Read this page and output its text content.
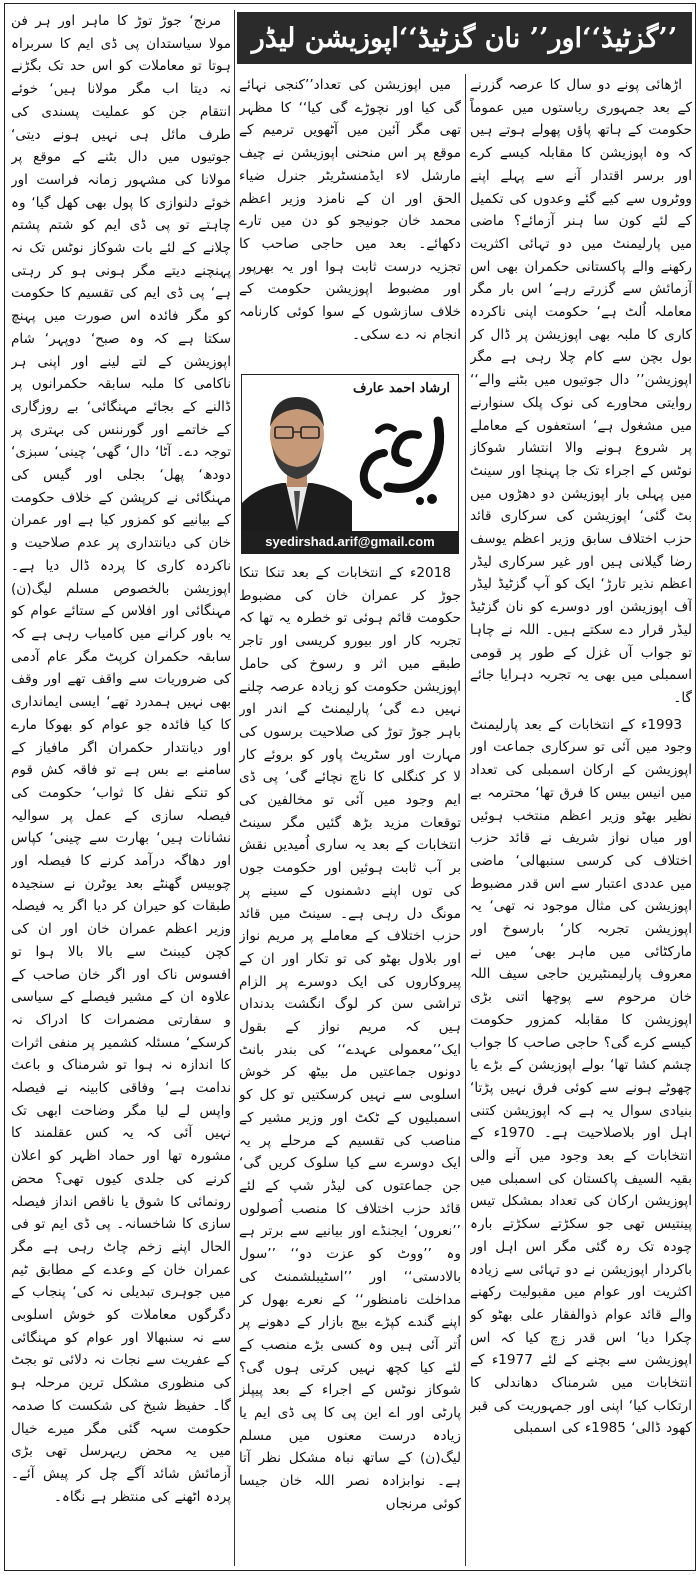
’’گزٹیڈ‘‘اور’’ نان گزٹیڈ‘‘اپوزیشن لیڈر

اڑھائی پونے دو سال کا عرصہ گزرنے کے بعد جمہوری ریاستوں میں عموماً حکومت کے ہاتھ پاؤں پھولے ہوتے ہیں کہ وہ اپوزیشن کا مقابلہ کیسے کرے اور برسر اقتدار آنے سے پہلے اپنے ووٹروں سے کیے گئے وعدوں کی تکمیل کے لئے کون سا ہنر آزمائے؟ ماضی میں پارلیمنٹ میں دو تہائی اکثریت رکھنے والے پاکستانی حکمران بھی اس آزمائش سے گزرتے رہے‘ اس بار مگر معاملہ اُلٹ ہے‘ حکومت اپنی ناکردہ کاری کا ملبہ بھی اپوزیشن پر ڈال کر بول بچن سے کام چلا رہی ہے مگر اپوزیشن’’ دال جوتیوں میں بٹنے والے‘‘ روایتی محاورے کی نوک پلک سنوارنے میں مشغول ہے‘ استعفوں کے معاملے پر شروع ہونے والا انتشار شوکاز نوٹس کے اجراء تک جا پہنچا اور سینٹ میں پہلی بار اپوزیشن دو دھڑوں میں بٹ گئی‘ اپوزیشن کی سرکاری قائد حزب اختلاف سابق وزیر اعظم یوسف رضا گیلانی ہیں اور غیر سرکاری لیڈر اعظم نذیر تارڑ‘ ایک کو آپ گزٹیڈ لیڈر آف اپوزیشن اور دوسرے کو نان گزٹیڈ لیڈر قرار دے سکتے ہیں۔ اللہ نے چاہا تو جواب آں غزل کے طور پر قومی اسمبلی میں بھی یہ تجربہ دہرایا جائے گا۔

1993ء کے انتخابات کے بعد پارلیمنٹ وجود میں آئی تو سرکاری جماعت اور اپوزیشن کے ارکان اسمبلی کی تعداد میں انیس بیس کا فرق تھا‘ محترمہ بے نظیر بھٹو وزیر اعظم منتخب ہوئیں اور میاں نواز شریف نے قائد حزب اختلاف کی کرسی سنبھالی‘ ماضی میں عددی اعتبار سے اس قدر مضبوط اپوزیشن کی مثال موجود نہ تھی‘ یہ اپوزیشن تجربہ کار‘ بارسوخ اور مارکٹائی میں ماہر بھی‘ میں نے معروف پارلیمنٹیرین حاجی سیف اللہ خان مرحوم سے پوچھا اتنی بڑی اپوزیشن کا مقابلہ کمزور حکومت کیسے کرے گی؟ حاجی صاحب کا جواب چشم کشا تھا‘ بولے اپوزیشن کے بڑے یا چھوٹے ہونے سے کوئی فرق نہیں پڑتا‘ بنیادی سوال یہ ہے کہ اپوزیشن کتنی اہل اور بلاصلاحیت ہے۔ 1970ء کے انتخابات کے بعد وجود میں آنے والی بقیہ السیف پاکستان کی اسمبلی میں اپوزیشن ارکان کی تعداد بمشکل تیس پینتیس تھی جو سکڑتے سکڑتے بارہ چودہ تک رہ گئی مگر اس اہل اور باکردار اپوزیشن نے دو تہائی سے زیادہ اکثریت اور عوام میں مقبولیت رکھنے والے قائد عوام ذوالفقار علی بھٹو کو چکرا دیا‘ اس قدر زچ کیا کہ اس اپوزیشن سے بچنے کے لئے 1977ء کے انتخابات میں شرمناک دھاندلی کا ارتکاب کیا‘ اپنی اور جمہوریت کی قبر کھود ڈالی‘ 1985ء کی اسمبلی

میں اپوزیشن کی تعداد’’کنجی نہائے گی کیا اور نچوڑے گی کیا‘‘ کا مظہر تھی مگر آئین میں آٹھویں ترمیم کے موقع پر اس منحنی اپوزیشن نے چیف مارشل لاء ایڈمنسٹریٹر جنرل ضیاء الحق اور ان کے نامزد وزیر اعظم محمد خان جونیجو کو دن میں تارے دکھائے۔ بعد میں حاجی صاحب کا تجزیہ درست ثابت ہوا اور یہ بھرپور اور مضبوط اپوزیشن حکومت کے خلاف سازشوں کے سوا کوئی کارنامہ انجام نہ دے سکی۔

ارشاد احمد عارف
syedirshad.arif@gmail.com

2018ء کے انتخابات کے بعد تنکا تنکا جوڑ کر عمران خان کی مضبوط حکومت قائم ہوئی تو خطرہ یہ تھا کہ تجربہ کار اور بیورو کریسی اور تاجر طبقے میں اثر و رسوخ کی حامل اپوزیشن حکومت کو زیادہ عرصہ چلنے نہیں دے گی‘ پارلیمنٹ کے اندر اور باہر جوڑ توڑ کی صلاحیت برسوں کی مہارت اور سٹریٹ پاور کو بروئے کار لا کر کنگلی کا ناچ نچائے گی‘ پی ڈی ایم وجود میں آئی تو مخالفین کی توقعات مزید بڑھ گئیں مگر سینٹ انتخابات کے بعد یہ ساری اُمیدیں نقش بر آب ثابت ہوئیں اور حکومت جوں کی توں اپنے دشمنوں کے سینے پر مونگ دل رہی ہے۔ سینٹ میں قائد حزب اختلاف کے معاملے پر مریم نواز اور بلاول بھٹو کی تو تکار اور ان کے پیروکاروں کی ایک دوسرے پر الزام تراشی سن کر لوگ انگشت بدنداں ہیں کہ مریم نواز کے بقول ایک’’معمولی عہدے‘‘ کی بندر بانٹ دونوں جماعتیں مل بیٹھ کر خوش اسلوبی سے نہیں کرسکتیں تو کل کو اسمبلیوں کے ٹکٹ اور وزیر مشیر کے مناصب کی تقسیم کے مرحلے پر یہ ایک دوسرے سے کیا سلوک کریں گی‘ جن جماعتوں کی لیڈر شپ کے لئے قائد حزب اختلاف کا منصب اُصولوں ’’نعروں‘ ایجنڈے اور بیانیے سے برتر ہے وہ ’’ووٹ کو عزت دو‘‘ ’’سول بالادستی‘‘ اور ’’اسٹیبلشمنٹ کی مداخلت نامنظور‘‘ کے نعرے بھول کر اپنے گندے کپڑے بیچ بازار کے دھونے پر اُتر آئی ہیں وہ کسی بڑے منصب کے لئے کیا کچھ نہیں کرتی ہوں گی؟ شوکاز نوٹس کے اجراء کے بعد پیپلز پارٹی اور اے این پی کا پی ڈی ایم یا زیادہ درست معنوں میں مسلم لیگ(ن) کے ساتھ نباہ مشکل نظر آتا ہے۔ نوابزادہ نصر اللہ خان جیسا کوئی مرنجاں

مرنج‘ جوڑ توڑ کا ماہر اور ہر فن مولا سیاستدان پی ڈی ایم کا سربراہ ہوتا تو معاملات کو اس حد تک بگڑنے نہ دیتا اب مگر مولانا ہیں‘ خوئے انتقام جن کو عملیت پسندی کی طرف مائل ہی نہیں ہونے دیتی‘ جوتیوں میں دال بٹنے کے موقع پر مولانا کی مشہور زمانہ فراست اور خوئے دلنوازی کا پول بھی کھل گیا‘ وہ چاہتے تو پی ڈی ایم کو شتم پشتم چلانے کے لئے بات شوکاز نوٹس تک نہ پہنچنے دیتے مگر ہونی ہو کر رہتی ہے‘ پی ڈی ایم کی تقسیم کا حکومت کو مگر فائدہ اس صورت میں پہنچ سکتا ہے کہ وہ صبح‘ دوپہر‘ شام اپوزیشن کے لتے لینے اور اپنی ہر ناکامی کا ملبہ سابقہ حکمرانوں پر ڈالنے کے بجائے مہنگائی‘ بے روزگاری کے خاتمے اور گورننس کی بہتری پر توجہ دے۔ آٹا‘ دال‘ گھی‘ چینی‘ سبزی‘ دودھ‘ پھل‘ بجلی اور گیس کی مہنگائی نے کرپشن کے خلاف حکومت کے بیانیے کو کمزور کیا ہے اور عمران خان کی دیانتداری پر عدم صلاحیت و ناکردہ کاری کا پردہ ڈال دیا ہے۔ اپوزیشن بالخصوص مسلم لیگ(ن) مہنگائی اور افلاس کے ستائے عوام کو یہ باور کرانے میں کامیاب رہی ہے کہ سابقہ حکمران کرپٹ مگر عام آدمی کی ضروریات سے واقف تھے اور وقف بھی نہیں ہمدرد تھے‘ ایسی ایمانداری کا کیا فائدہ جو عوام کو بھوکا مارے اور دیانتدار حکمران اگر مافیاز کے سامنے بے بس ہے تو فاقہ کش قوم کو تنکے نفل کا ثواب‘ حکومت کی فیصلہ سازی کے عمل پر سوالیہ نشانات ہیں‘ بھارت سے چینی‘ کپاس اور دھاگہ درآمد کرنے کا فیصلہ اور چوبیس گھنٹے بعد یوٹرن نے سنجیدہ طبقات کو حیران کر دیا اگر یہ فیصلہ وزیر اعظم عمران خان اور ان کی کچن کیبنٹ سے بالا بالا ہوا تو افسوس ناک اور اگر خان صاحب کے علاوہ ان کے مشیر فیصلے کے سیاسی و سفارتی مضمرات کا ادراک نہ کرسکے‘ مسئلہ کشمیر پر منفی اثرات کا اندازہ نہ ہوا تو شرمناک و باعث ندامت ہے‘ وفاقی کابینہ نے فیصلہ واپس لے لیا مگر وضاحت ابھی تک نہیں آئی کہ یہ کس عقلمند کا مشورہ تھا اور حماد اظہر کو اعلان کرنے کی جلدی کیوں تھی؟ محض رونمائی کا شوق یا ناقص انداز فیصلہ سازی کا شاخسانہ۔ پی ڈی ایم تو فی الحال اپنے زخم چاٹ رہی ہے مگر عمران خان کے وعدے کے مطابق ٹیم میں جوہری تبدیلی نہ کی‘ پنجاب کے دگرگوں معاملات کو خوش اسلوبی سے نہ سنبھالا اور عوام کو مہنگائی کے عفریت سے نجات نہ دلائی تو بجٹ کی منظوری مشکل ترین مرحلہ ہو گا۔ حفیظ شیخ کی شکست کا صدمہ حکومت سہہ گئی مگر میرے خیال میں یہ محض ریہرسل تھی بڑی آزمائش شائد آگے چل کر پیش آئے۔ پردہ اٹھنے کی منتظر ہے نگاہ۔
